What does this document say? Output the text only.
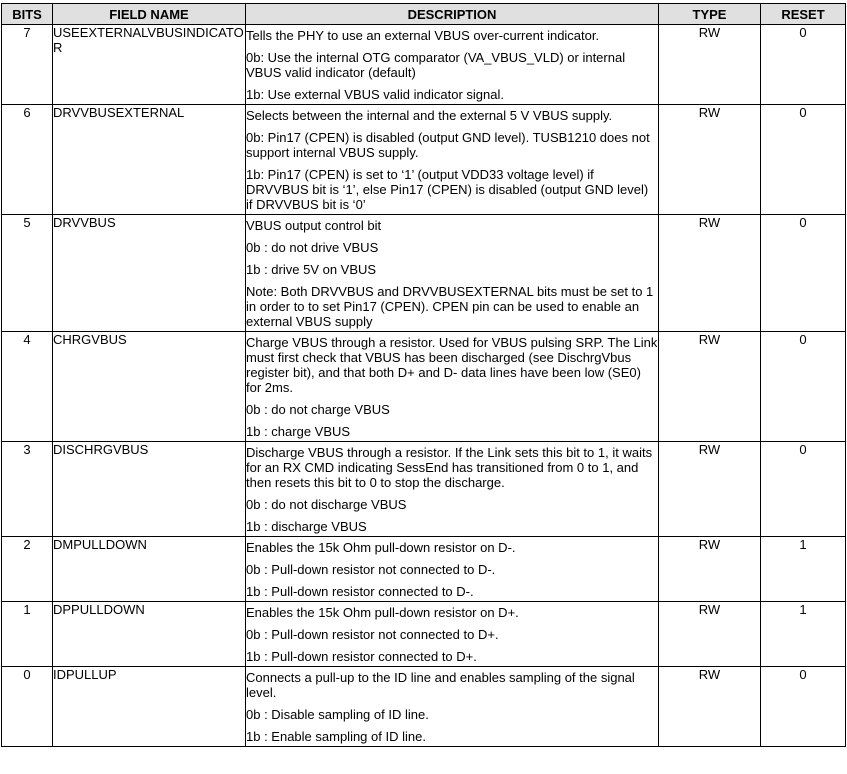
BITS	FIELD NAME	DESCRIPTION	TYPE	RESET
7	USEEXTERNALVBUSINDICATOR	Tells the PHY to use an external VBUS over-current indicator.

0b: Use the internal OTG comparator (VA_VBUS_VLD) or internal VBUS valid indicator (default)

1b: Use external VBUS valid indicator signal.	RW	0
6	DRVVBUSEXTERNAL	Selects between the internal and the external 5 V VBUS supply.

0b: Pin17 (CPEN) is disabled (output GND level). TUSB1210 does not support internal VBUS supply.

1b: Pin17 (CPEN) is set to ‘1’ (output VDD33 voltage level) if DRVVBUS bit is ‘1’, else Pin17 (CPEN) is disabled (output GND level) if DRVVBUS bit is ‘0’	RW	0
5	DRVVBUS	VBUS output control bit

0b : do not drive VBUS

1b : drive 5V on VBUS

Note: Both DRVVBUS and DRVVBUSEXTERNAL bits must be set to 1 in order to to set Pin17 (CPEN). CPEN pin can be used to enable an external VBUS supply	RW	0
4	CHRGVBUS	Charge VBUS through a resistor. Used for VBUS pulsing SRP. The Link must first check that VBUS has been discharged (see DischrgVbus register bit), and that both D+ and D- data lines have been low (SE0) for 2ms.

0b : do not charge VBUS

1b : charge VBUS	RW	0
3	DISCHRGVBUS	Discharge VBUS through a resistor. If the Link sets this bit to 1, it waits for an RX CMD indicating SessEnd has transitioned from 0 to 1, and then resets this bit to 0 to stop the discharge.

0b : do not discharge VBUS

1b : discharge VBUS	RW	0
2	DMPULLDOWN	Enables the 15k Ohm pull-down resistor on D-.

0b : Pull-down resistor not connected to D-.

1b : Pull-down resistor connected to D-.	RW	1
1	DPPULLDOWN	Enables the 15k Ohm pull-down resistor on D+.

0b : Pull-down resistor not connected to D+.

1b : Pull-down resistor connected to D+.	RW	1
0	IDPULLUP	Connects a pull-up to the ID line and enables sampling of the signal level.

0b : Disable sampling of ID line.

1b : Enable sampling of ID line.	RW	0
